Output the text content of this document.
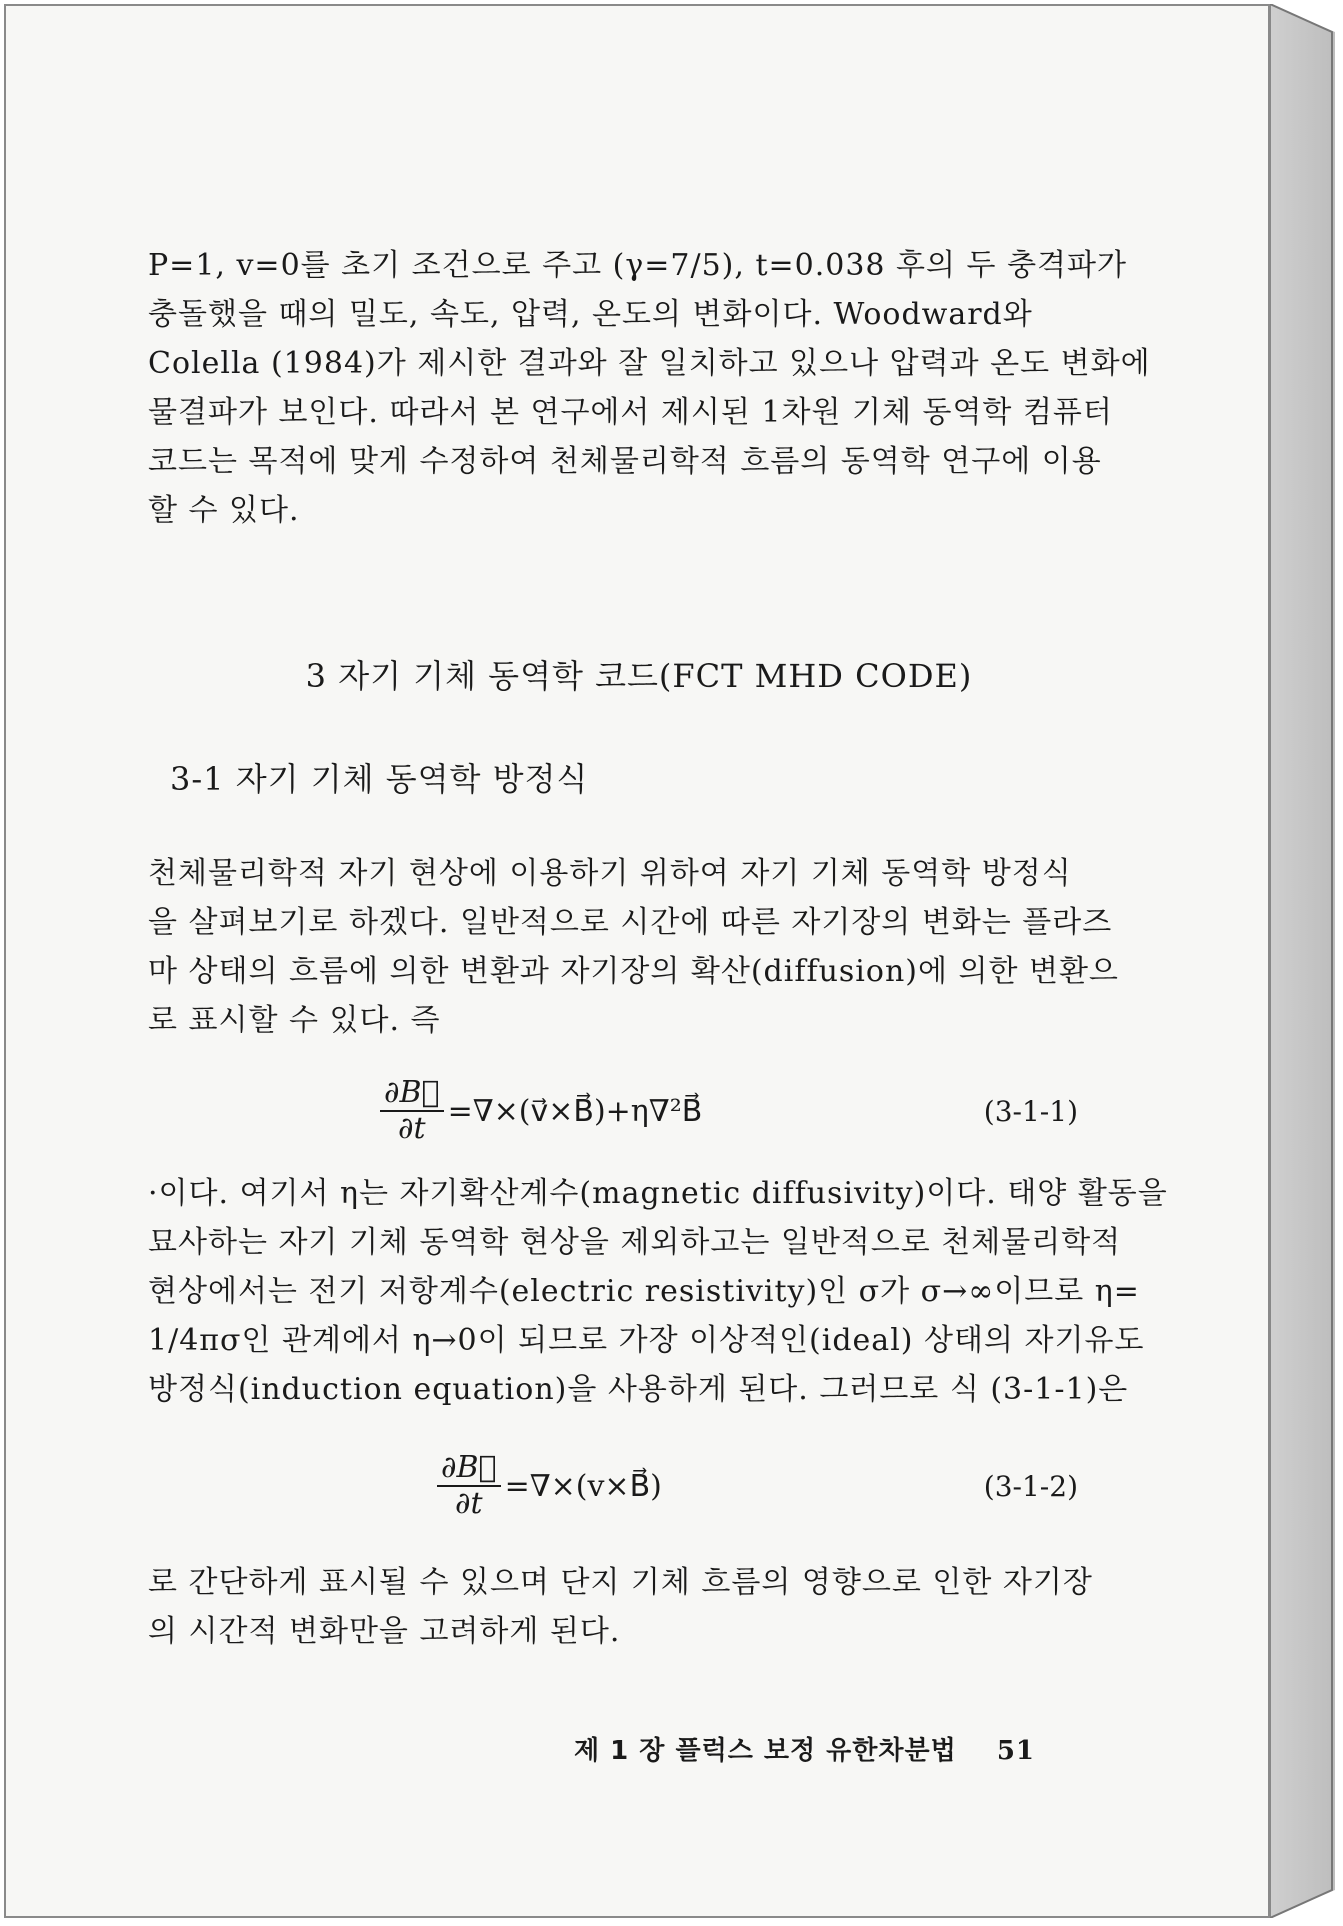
P=1, v=0를 초기 조건으로 주고 (γ=7/5), t=0.038 후의 두 충격파가
충돌했을 때의 밀도, 속도, 압력, 온도의 변화이다. Woodward와
Colella (1984)가 제시한 결과와 잘 일치하고 있으나 압력과 온도 변화에
물결파가 보인다. 따라서 본 연구에서 제시된 1차원 기체 동역학 컴퓨터
코드는 목적에 맞게 수정하여 천체물리학적 흐름의 동역학 연구에 이용
할 수 있다.
3 자기 기체 동역학 코드(FCT MHD CODE)
3-1 자기 기체 동역학 방정식
천체물리학적 자기 현상에 이용하기 위하여 자기 기체 동역학 방정식
을 살펴보기로 하겠다. 일반적으로 시간에 따른 자기장의 변화는 플라즈
마 상태의 흐름에 의한 변환과 자기장의 확산(diffusion)에 의한 변환으
로 표시할 수 있다. 즉
$\frac{\partial B⃗}{\partial t}$ =∇×(v⃗×B⃗)+η∇²B⃗	(3-1-1)
·이다. 여기서 η는 자기확산계수(magnetic diffusivity)이다. 태양 활동을
묘사하는 자기 기체 동역학 현상을 제외하고는 일반적으로 천체물리학적
현상에서는 전기 저항계수(electric resistivity)인 σ가 σ→∞이므로 η=
1/4πσ인 관계에서 η→0이 되므로 가장 이상적인(ideal) 상태의 자기유도
방정식(induction equation)을 사용하게 된다. 그러므로 식 (3-1-1)은
$\frac{\partial B⃗}{\partial t}$ =∇×(v×B⃗)	(3-1-2)
로 간단하게 표시될 수 있으며 단지 기체 흐름의 영향으로 인한 자기장
의 시간적 변화만을 고려하게 된다.
제 1 장 플럭스 보정 유한차분법 51
